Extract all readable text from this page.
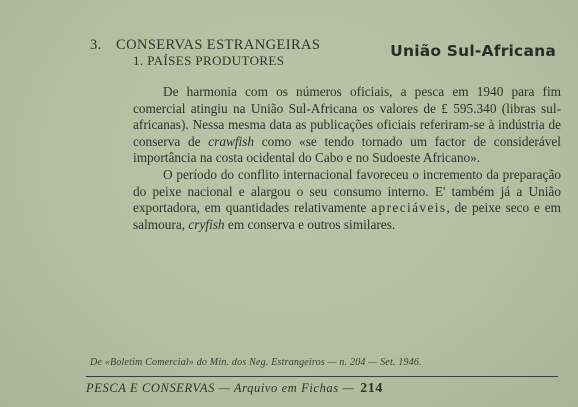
3. CONSERVAS ESTRANGEIRAS
1. PAÍSES PRODUTORES
União Sul-Africana

De harmonia com os números oficiais, a pesca em 1940 para fim comercial atingiu na União Sul-Africana os valores de £ 595.340 (libras sul-africanas). Nessa mesma data as publicações oficiais referiram-se à indústria de conserva de crawfish como «se tendo tornado um factor de considerável importância na costa ocidental do Cabo e no Sudoeste Africano».

O período do conflito internacional favoreceu o incremento da preparação do peixe nacional e alargou o seu consumo interno. E' também já a União exportadora, em quantidades relativamente apreciáveis, de peixe seco e em salmoura, cryfish em conserva e outros similares.

De «Boletim Comercial» do Min. dos Neg. Estrangeiros — n. 204 — Set. 1946.
PESCA E CONSERVAS — Arquivo em Fichas — 214
